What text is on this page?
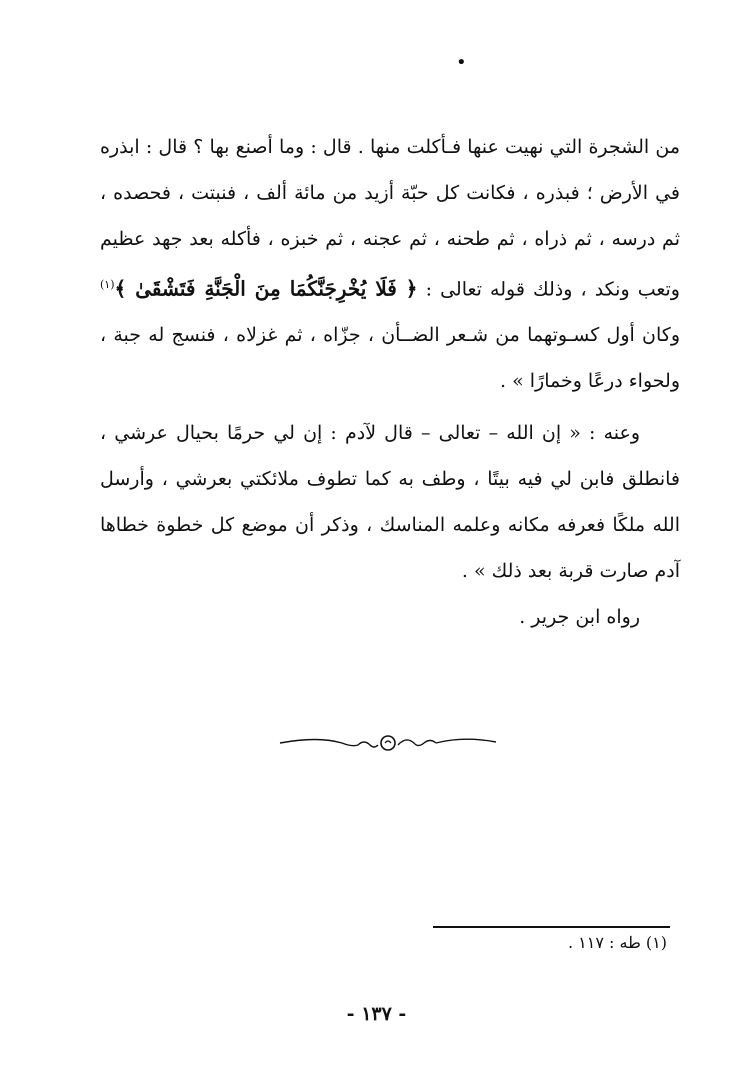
•

من الشجرة التي نهيت عنها فـأكلت منها . قال : وما أصنع بها ؟ قال : ابذره في الأرض ؛ فبذره ، فكانت كل حبّة أزيد من مائة ألف ، فنبتت ، فحصده ، ثم درسه ، ثم ذراه ، ثم طحنه ، ثم عجنه ، ثم خبزه ، فأكله بعد جهد عظيم وتعب ونكد ، وذلك قوله تعالى : ﴿ فَلَا يُخْرِجَنَّكُمَا مِنَ الْجَنَّةِ فَتَشْقَىٰ ﴾$^{(١)}$ وكان أول كسـوتهما من شـعر الضــأن ، جزّاه ، ثم غزلاه ، فنسج له جبة ، ولحواء درعًا وخمارًا » .

وعنه : « إن الله – تعالى – قال لآدم : إن لي حرمًا بحيال عرشي ، فانطلق فابن لي فيه بيتًا ، وطف به كما تطوف ملائكتي بعرشي ، وأرسل الله ملكًا فعرفه مكانه وعلمه المناسك ، وذكر أن موضع كل خطوة خطاها آدم صارت قربة بعد ذلك » .

رواه ابن جرير .

(١) طه : ١١٧ .
- ١٣٧ -
